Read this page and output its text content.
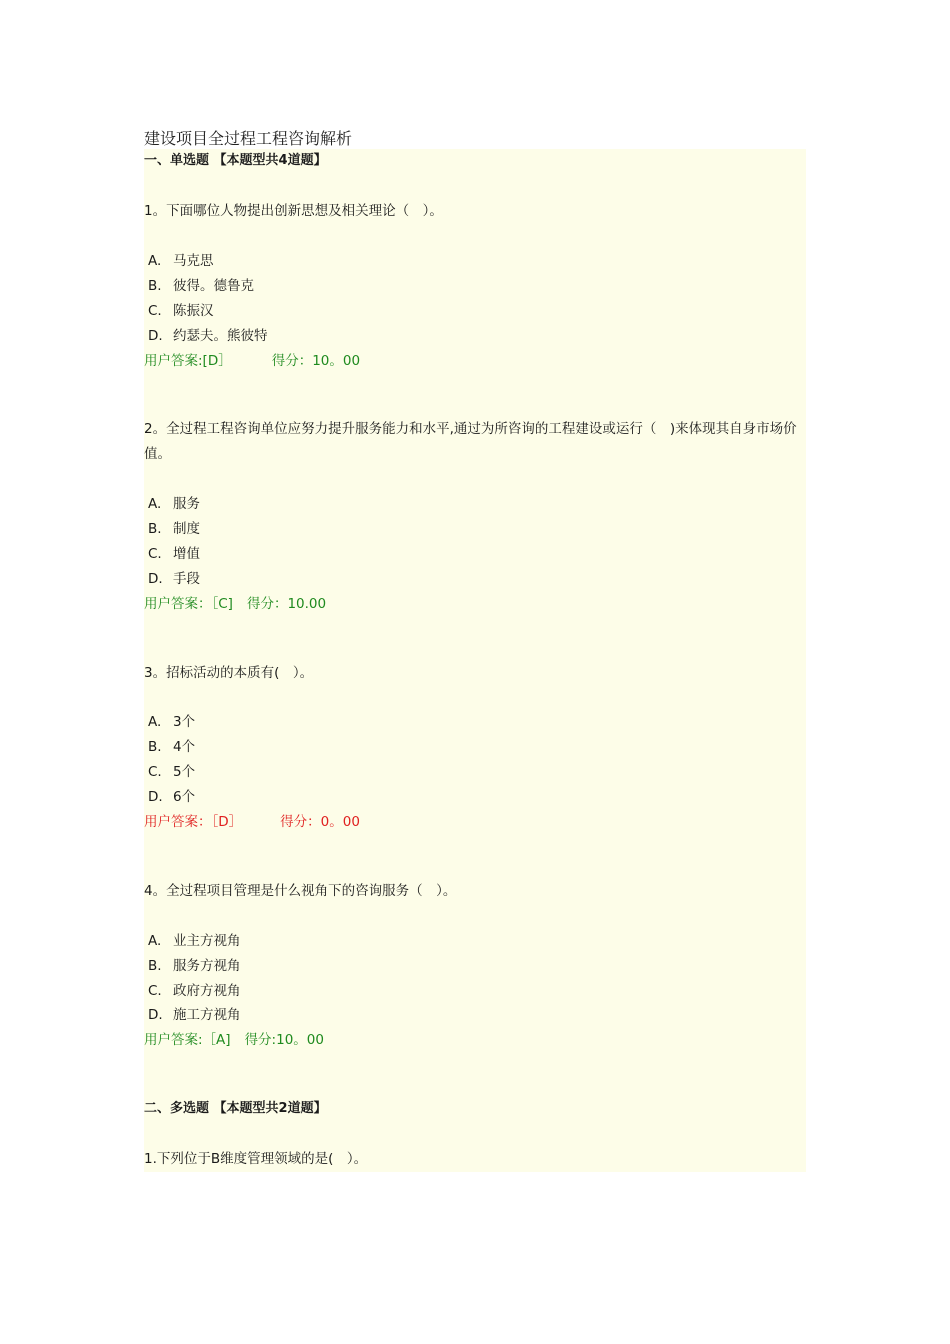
建设项目全过程工程咨询解析
一、单选题 【本题型共4道题】
1。下面哪位人物提出创新思想及相关理论（　）。
A. 马克思
B. 彼得。德鲁克
C. 陈振汉
D. 约瑟夫。熊彼特
用户答案:[D］	得分：10。00
2。全过程工程咨询单位应努力提升服务能力和水平,通过为所咨询的工程建设或运行（　)来体现其自身市场价值。
A. 服务
B. 制度
C. 增值
D. 手段
用户答案：［C] 得分：10.00
3。招标活动的本质有(　）。
A. 3个
B. 4个
C. 5个
D. 6个
用户答案：［D］	得分：0。00
4。全过程项目管理是什么视角下的咨询服务（　）。
A. 业主方视角
B. 服务方视角
C. 政府方视角
D. 施工方视角
用户答案:［A] 得分:10。00
二、多选题 【本题型共2道题】
1.下列位于B维度管理领域的是(　）。
